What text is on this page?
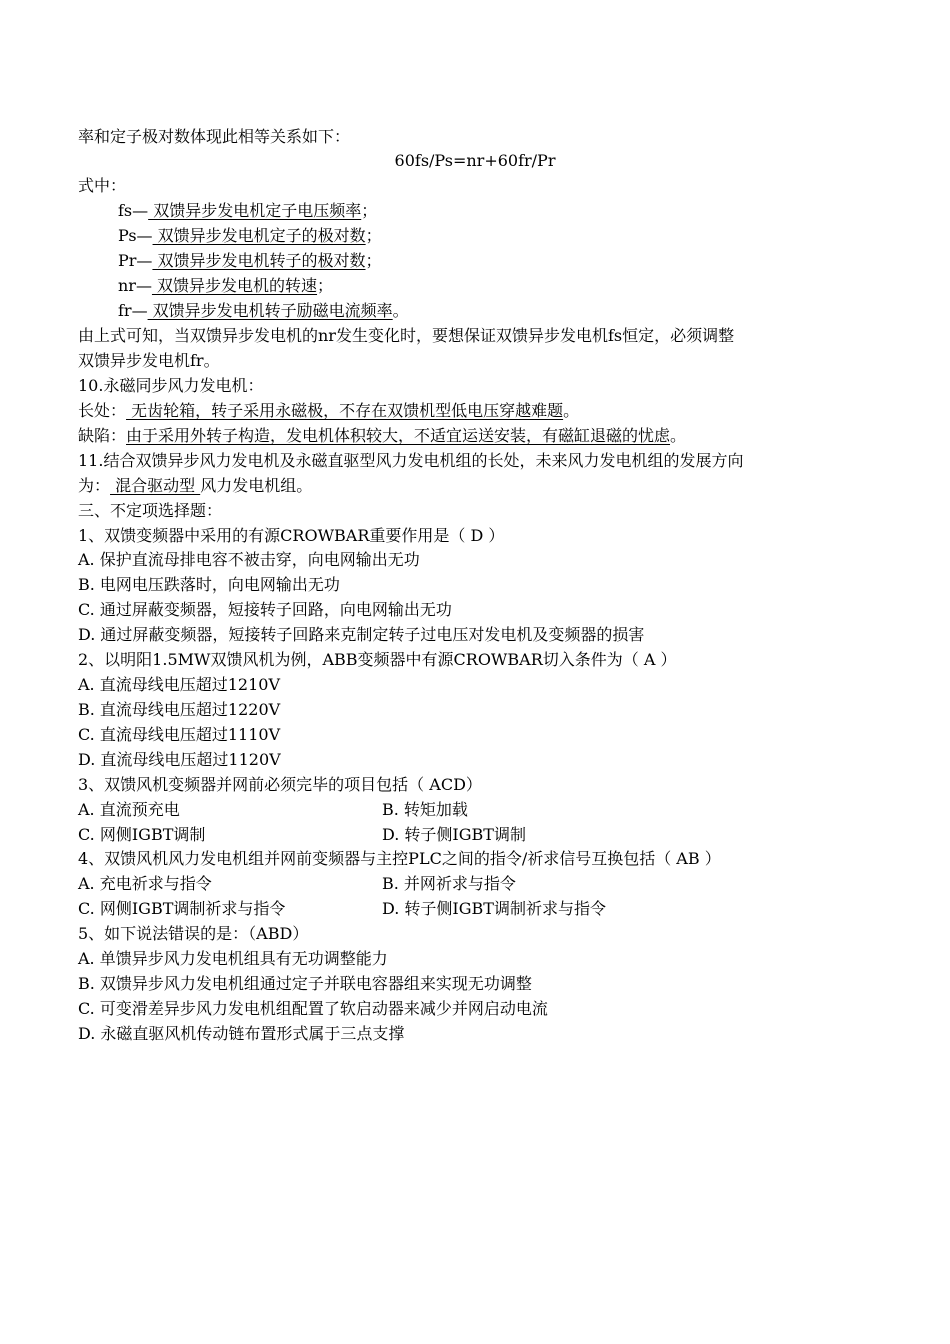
率和定子极对数体现此相等关系如下：
60fs/Ps=nr+60fr/Pr
式中：
fs— 双馈异步发电机定子电压频率；
Ps— 双馈异步发电机定子的极对数；
Pr— 双馈异步发电机转子的极对数；
nr— 双馈异步发电机的转速；
fr— 双馈异步发电机转子励磁电流频率。
由上式可知，当双馈异步发电机的nr发生变化时，要想保证双馈异步发电机fs恒定，必须调整
双馈异步发电机fr。
10.永磁同步风力发电机：
长处： 无齿轮箱，转子采用永磁极，不存在双馈机型低电压穿越难题。
缺陷：由于采用外转子构造，发电机体积较大，不适宜运送安装，有磁缸退磁的忧虑。
11.结合双馈异步风力发电机及永磁直驱型风力发电机组的长处，未来风力发电机组的发展方向
为： 混合驱动型 风力发电机组。
三、不定项选择题：
1、双馈变频器中采用的有源CROWBAR重要作用是（ D ）
A. 保护直流母排电容不被击穿，向电网输出无功
B. 电网电压跌落时，向电网输出无功
C. 通过屏蔽变频器，短接转子回路，向电网输出无功
D. 通过屏蔽变频器，短接转子回路来克制定转子过电压对发电机及变频器的损害
2、以明阳1.5MW双馈风机为例，ABB变频器中有源CROWBAR切入条件为（ A ）
A. 直流母线电压超过1210V
B. 直流母线电压超过1220V
C. 直流母线电压超过1110V
D. 直流母线电压超过1120V
3、双馈风机变频器并网前必须完毕的项目包括（ ACD）
A. 直流预充电	B. 转矩加载
C. 网侧IGBT调制	D. 转子侧IGBT调制
4、双馈风机风力发电机组并网前变频器与主控PLC之间的指令/祈求信号互换包括（ AB ）
A. 充电祈求与指令	B. 并网祈求与指令
C. 网侧IGBT调制祈求与指令	D. 转子侧IGBT调制祈求与指令
5、如下说法错误的是：（ABD）
A. 单馈异步风力发电机组具有无功调整能力
B. 双馈异步风力发电机组通过定子并联电容器组来实现无功调整
C. 可变滑差异步风力发电机组配置了软启动器来减少并网启动电流
D. 永磁直驱风机传动链布置形式属于三点支撑
